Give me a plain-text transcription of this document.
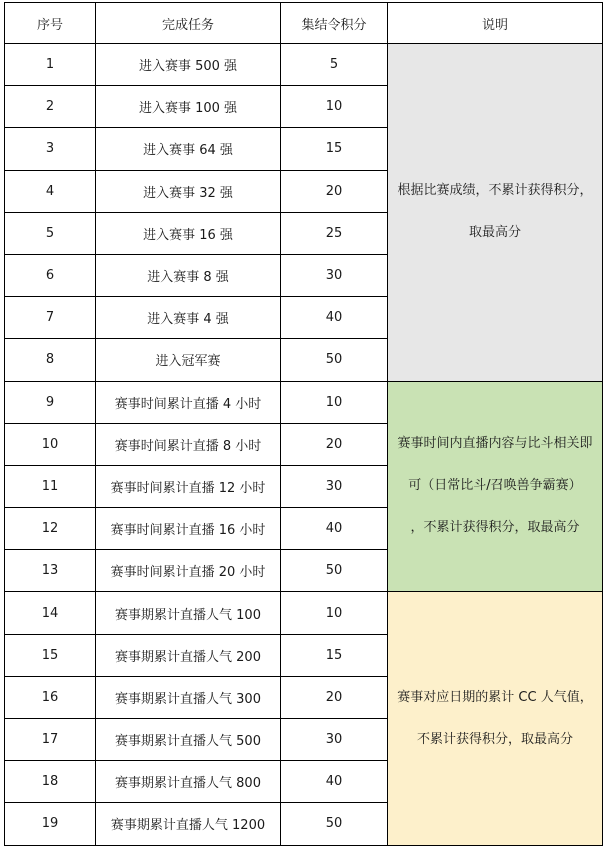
序号	完成任务	集结令积分	说明
1	进入赛事 500 强	5	根据比赛成绩，不累计获得积分，
取最高分
2	进入赛事 100 强	10	
3	进入赛事 64 强	15	
4	进入赛事 32 强	20	
5	进入赛事 16 强	25	
6	进入赛事 8 强	30	
7	进入赛事 4 强	40	
8	进入冠军赛	50	
9	赛事时间累计直播 4 小时	10	赛事时间内直播内容与比斗相关即
可（日常比斗/召唤兽争霸赛）
，不累计获得积分，取最高分
10	赛事时间累计直播 8 小时	20	
11	赛事时间累计直播 12 小时	30	
12	赛事时间累计直播 16 小时	40	
13	赛事时间累计直播 20 小时	50	
14	赛事期累计直播人气 100	10	赛事对应日期的累计 CC 人气值，
不累计获得积分，取最高分
15	赛事期累计直播人气 200	15	
16	赛事期累计直播人气 300	20	
17	赛事期累计直播人气 500	30	
18	赛事期累计直播人气 800	40	
19	赛事期累计直播人气 1200	50	
